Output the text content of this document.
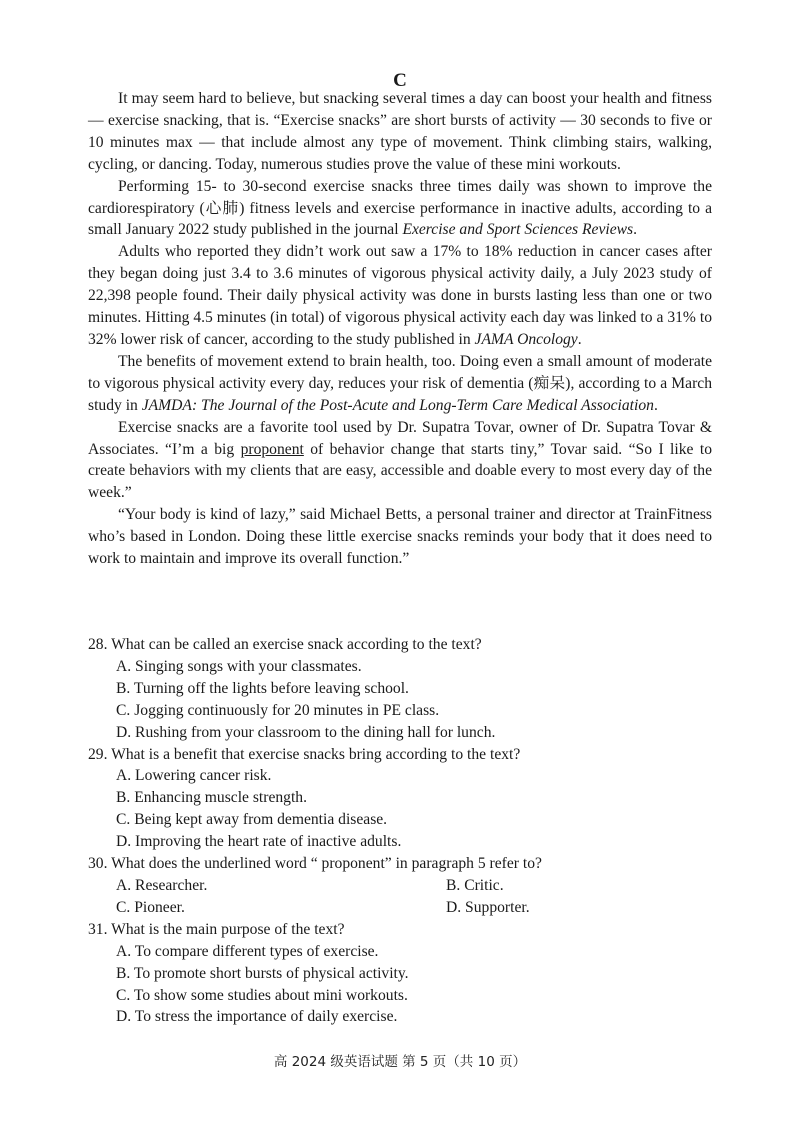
C

It may seem hard to believe, but snacking several times a day can boost your health and fitness — exercise snacking, that is. “Exercise snacks” are short bursts of activity — 30 seconds to five or 10 minutes max — that include almost any type of movement. Think climbing stairs, walking, cycling, or dancing. Today, numerous studies prove the value of these mini workouts.

Performing 15- to 30-second exercise snacks three times daily was shown to improve the cardiorespiratory (心肺) fitness levels and exercise performance in inactive adults, according to a small January 2022 study published in the journal Exercise and Sport Sciences Reviews.

Adults who reported they didn’t work out saw a 17% to 18% reduction in cancer cases after they began doing just 3.4 to 3.6 minutes of vigorous physical activity daily, a July 2023 study of 22,398 people found. Their daily physical activity was done in bursts lasting less than one or two minutes. Hitting 4.5 minutes (in total) of vigorous physical activity each day was linked to a 31% to 32% lower risk of cancer, according to the study published in JAMA Oncology.

The benefits of movement extend to brain health, too. Doing even a small amount of moderate to vigorous physical activity every day, reduces your risk of dementia (痴呆), according to a March study in JAMDA: The Journal of the Post-Acute and Long-Term Care Medical Association.

Exercise snacks are a favorite tool used by Dr. Supatra Tovar, owner of Dr. Supatra Tovar & Associates. “I’m a big proponent of behavior change that starts tiny,” Tovar said. “So I like to create behaviors with my clients that are easy, accessible and doable every to most every day of the week.”

“Your body is kind of lazy,” said Michael Betts, a personal trainer and director at TrainFitness who’s based in London. Doing these little exercise snacks reminds your body that it does need to work to maintain and improve its overall function.”

28. What can be called an exercise snack according to the text?

A. Singing songs with your classmates.

B. Turning off the lights before leaving school.

C. Jogging continuously for 20 minutes in PE class.

D. Rushing from your classroom to the dining hall for lunch.

29. What is a benefit that exercise snacks bring according to the text?

A. Lowering cancer risk.

B. Enhancing muscle strength.

C. Being kept away from dementia disease.

D. Improving the heart rate of inactive adults.

30. What does the underlined word “ proponent” in paragraph 5 refer to?

A. Researcher.	B. Critic.
C. Pioneer.	D. Supporter.

31. What is the main purpose of the text?

A. To compare different types of exercise.

B. To promote short bursts of physical activity.

C. To show some studies about mini workouts.

D. To stress the importance of daily exercise.

高 2024 级英语试题 第 5 页（共 10 页）
